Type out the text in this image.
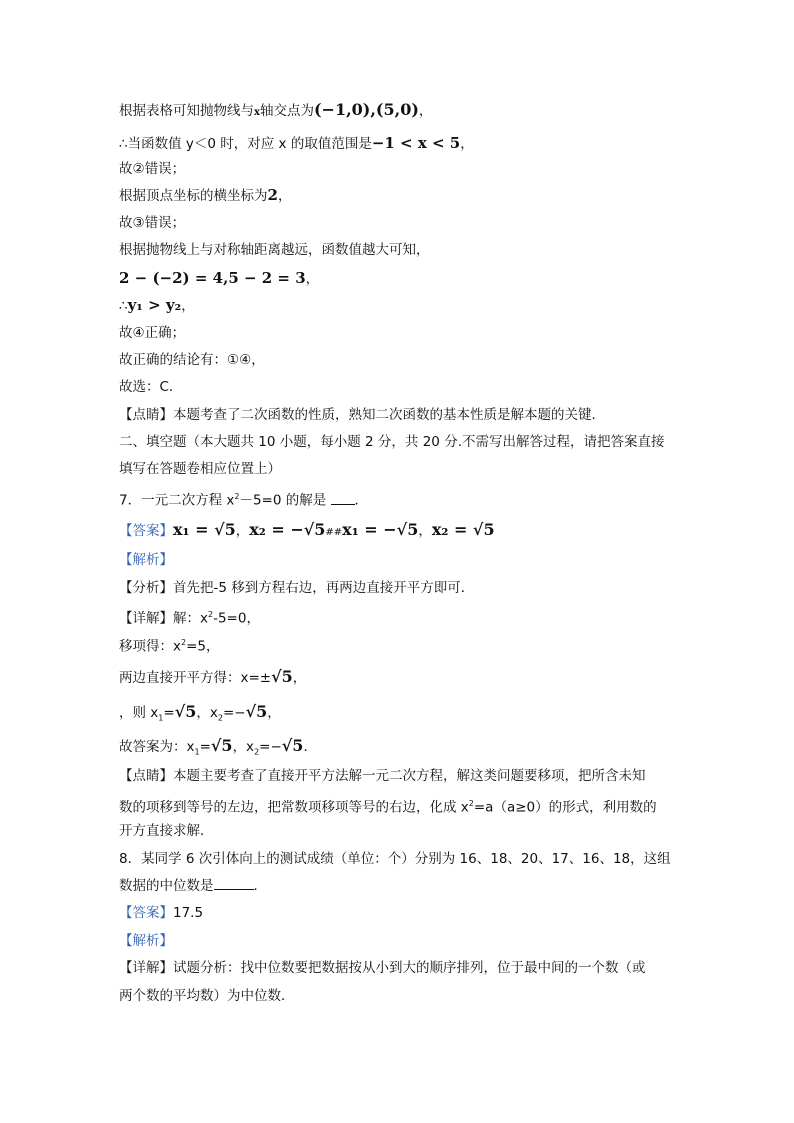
根据表格可知抛物线与x轴交点为(−1,0),(5,0)，
∴当函数值 y＜0 时，对应 x 的取值范围是−1 < x < 5，
故②错误；
根据顶点坐标的横坐标为2，
故③错误；
根据抛物线上与对称轴距离越远，函数值越大可知，
2 − (−2) = 4,5 − 2 = 3，
∴y₁ > y₂，
故④正确；
故正确的结论有：①④，
故选：C．
【点睛】本题考查了二次函数的性质，熟知二次函数的基本性质是解本题的关键．
二、填空题（本大题共 10 小题，每小题 2 分，共 20 分.不需写出解答过程，请把答案直接
填写在答题卷相应位置上）
7．一元二次方程 $x^2-5=0$ 的解是 ．
【答案】x₁ = √5，x₂ = −√5##x₁ = −√5，x₂ = √5
【解析】
【分析】首先把-5 移到方程右边，再两边直接开平方即可．
【详解】解：$x^2-5=0$，
移项得：$x^2=5$，
两边直接开平方得：x=±√5，
，则 $x_1=√5$，$x_2=-√5$，
故答案为：$x_1=√5$，$x_2=-√5$．
【点睛】本题主要考查了直接开平方法解一元二次方程，解这类问题要移项，把所含未知
数的项移到等号的左边，把常数项移项等号的右边，化成 $x^2=a(a\ge 0)$的形式，利用数的
开方直接求解．
8．某同学 6 次引体向上的测试成绩（单位：个）分别为 16、18、20、17、16、18，这组
数据的中位数是	．
【答案】17.5
【解析】
【详解】试题分析：找中位数要把数据按从小到大的顺序排列，位于最中间的一个数（或
两个数的平均数）为中位数．
